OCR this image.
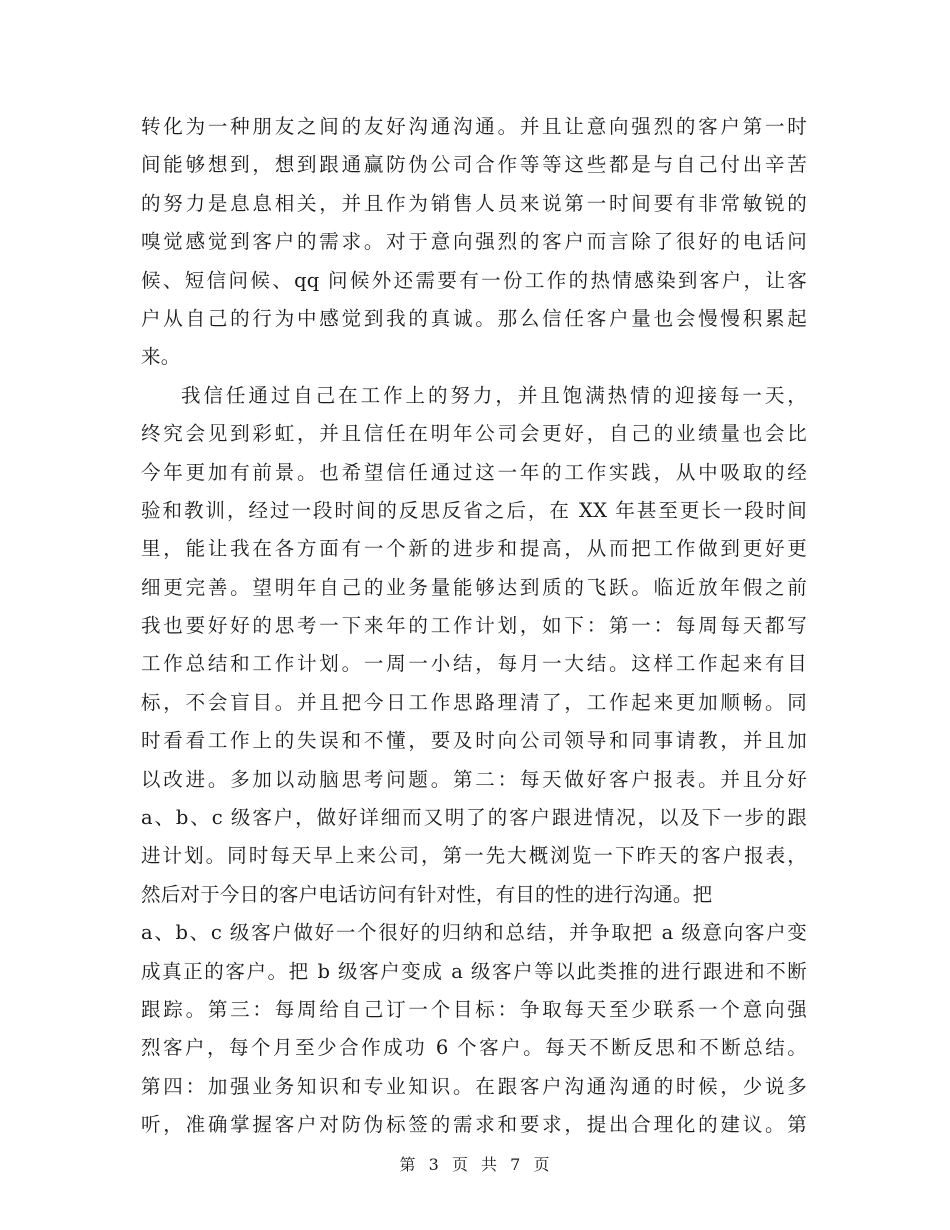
转化为一种朋友之间的友好沟通沟通。并且让意向强烈的客户第一时
间能够想到，想到跟通赢防伪公司合作等等这些都是与自己付出辛苦
的努力是息息相关，并且作为销售人员来说第一时间要有非常敏锐的
嗅觉感觉到客户的需求。对于意向强烈的客户而言除了很好的电话问
候、短信问候、qq 问候外还需要有一份工作的热情感染到客户，让客
户从自己的行为中感觉到我的真诚。那么信任客户量也会慢慢积累起
来。
我信任通过自己在工作上的努力，并且饱满热情的迎接每一天，
终究会见到彩虹，并且信任在明年公司会更好，自己的业绩量也会比
今年更加有前景。也希望信任通过这一年的工作实践，从中吸取的经
验和教训，经过一段时间的反思反省之后，在 XX 年甚至更长一段时间
里，能让我在各方面有一个新的进步和提高，从而把工作做到更好更
细更完善。望明年自己的业务量能够达到质的飞跃。临近放年假之前
我也要好好的思考一下来年的工作计划，如下：第一：每周每天都写
工作总结和工作计划。一周一小结，每月一大结。这样工作起来有目
标，不会盲目。并且把今日工作思路理清了，工作起来更加顺畅。同
时看看工作上的失误和不懂，要及时向公司领导和同事请教，并且加
以改进。多加以动脑思考问题。第二：每天做好客户报表。并且分好
a、b、c 级客户，做好详细而又明了的客户跟进情况，以及下一步的跟
进计划。同时每天早上来公司，第一先大概浏览一下昨天的客户报表，
然后对于今日的客户电话访问有针对性，有目的性的进行沟通。把
a、b、c 级客户做好一个很好的归纳和总结，并争取把 a 级意向客户变
成真正的客户。把 b 级客户变成 a 级客户等以此类推的进行跟进和不断
跟踪。第三：每周给自己订一个目标：争取每天至少联系一个意向强
烈客户，每个月至少合作成功 6 个客户。每天不断反思和不断总结。
第四：加强业务知识和专业知识。在跟客户沟通沟通的时候，少说多
听，准确掌握客户对防伪标签的需求和要求，提出合理化的建议。第
第 3 页 共 7 页
